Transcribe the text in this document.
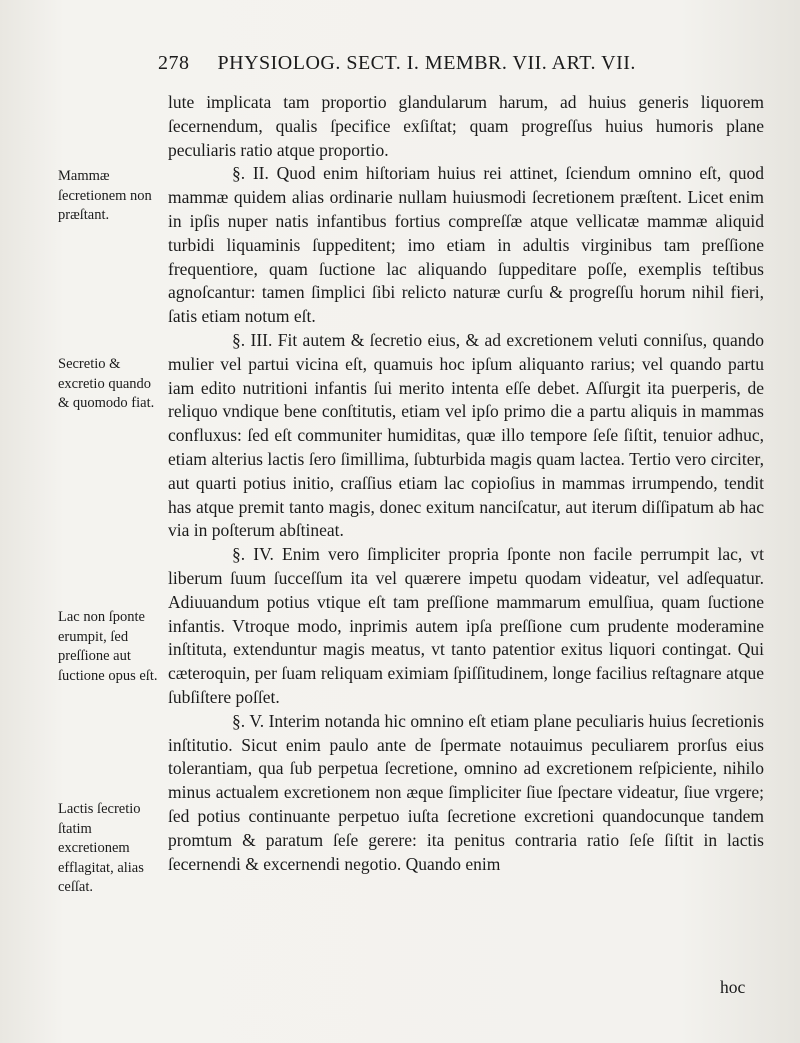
278 PHYSIOLOG. SECT. I. MEMBR. VII. ART. VII.

lute implicata tam proportio glandularum harum, ad huius generis liquorem ſecernendum, qualis ſpecifice exſiſtat; quam progreſſus huius humoris plane peculiaris ratio atque proportio.

§. II. Quod enim hiſtoriam huius rei attinet, ſciendum omnino eſt, quod mammæ quidem alias ordinarie nullam huiusmodi ſecretionem præſtent. Licet enim in ipſis nuper natis infantibus fortius compreſſæ atque vellicatæ mammæ aliquid turbidi liquaminis ſuppeditent; imo etiam in adultis virginibus tam preſſione frequentiore, quam ſuctione lac aliquando ſuppeditare poſſe, exemplis teſtibus agnoſcantur: tamen ſimplici ſibi relicto naturæ curſu & progreſſu horum nihil fieri, ſatis etiam notum eſt.

§. III. Fit autem & ſecretio eius, & ad excretionem veluti conniſus, quando mulier vel partui vicina eſt, quamuis hoc ipſum aliquanto rarius; vel quando partu iam edito nutritioni infantis ſui merito intenta eſſe debet. Aſſurgit ita puerperis, de reliquo vndique bene conſtitutis, etiam vel ipſo primo die a partu aliquis in mammas confluxus: ſed eſt communiter humiditas, quæ illo tempore ſeſe ſiſtit, tenuior adhuc, etiam alterius lactis ſero ſimillima, ſubturbida magis quam lactea. Tertio vero circiter, aut quarti potius initio, craſſius etiam lac copioſius in mammas irrumpendo, tendit has atque premit tanto magis, donec exitum nanciſcatur, aut iterum diſſipatum ab hac via in poſterum abſtineat.

§. IV. Enim vero ſimpliciter propria ſponte non facile perrumpit lac, vt liberum ſuum ſucceſſum ita vel quærere impetu quodam videatur, vel adſequatur. Adiuuandum potius vtique eſt tam preſſione mammarum emulſiua, quam ſuctione infantis. Vtroque modo, inprimis autem ipſa preſſione cum prudente moderamine inſtituta, extenduntur magis meatus, vt tanto patentior exitus liquori contingat. Qui cæteroquin, per ſuam reliquam eximiam ſpiſſitudinem, longe facilius reſtagnare atque ſubſiſtere poſſet.

§. V. Interim notanda hic omnino eſt etiam plane peculiaris huius ſecretionis inſtitutio. Sicut enim paulo ante de ſpermate notauimus peculiarem prorſus eius tolerantiam, qua ſub perpetua ſecretione, omnino ad excretionem reſpiciente, nihilo minus actualem excretionem non æque ſimpliciter ſiue ſpectare videatur, ſiue vrgere; ſed potius continuante perpetuo iuſta ſecretione excretioni quandocunque tandem promtum & paratum ſeſe gerere: ita penitus contraria ratio ſeſe ſiſtit in lactis ſecernendi & excernendi negotio. Quando enim

Mammæ ſecretionem non præſtant.
Secretio & excretio quando & quomodo fiat.
Lac non ſponte erumpit, ſed preſſione aut ſuctione opus eſt.
Lactis ſecretio ſtatim excretionem efflagitat, alias ceſſat.
hoc
